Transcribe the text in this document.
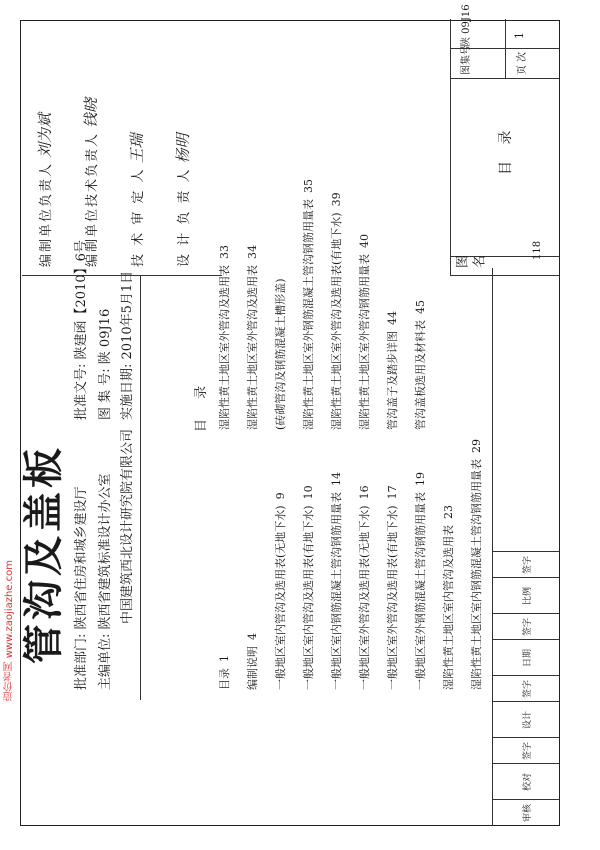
造价者网 www.zaojiazhe.com 管沟及盖板 批准部门: 陕西省住房和城乡建设厅
主编单位: 陕西省建筑标准设计办公室 中国建筑西北设计研究院有限公司
批准文号: 陕建函【2010】6号
图 集 号: 陕 09J16
实施日期: 2010年5月1日
目 录
目录1 编制说明4 一般地区室内管沟及选用表(无地下水)9
一般地区室内管沟及选用表(有地下水)10 一般地区室内钢筋混凝土管沟钢筋用量表14
一般地区室外管沟及选用表(无地下水)16
一般地区室外管沟及选用表(有地下水)17 一般地区室外钢筋混凝土管沟钢筋用量表19
湿陷性黄土地区室内管沟及选用表23 湿陷性黄土地区室内钢筋混凝土管沟钢筋用量表29
湿陷性黄土地区室外管沟及选用表33
湿陷性黄土地区室外管沟及选用表34
(砖砌管沟及钢筋混凝土槽形盖) 湿陷性黄土地区室外钢筋混凝土管沟钢筋用量表35
湿陷性黄土地区室外管沟及选用表(有地下水)39
湿陷性黄土地区室外管沟钢筋用量表40
管沟盖子及踏步详图44
管沟盖板选用及材料表45
编制单位负责人刘为斌	编制单位技术负责人钱晓
技 术 审 定 人王瑞
设 计 负 责 人杨明
图 名
目 录
图集号
陕 09J16
页 次
1
审核
校对
签字
设计
签字
日期
签字
比例
签字
118
